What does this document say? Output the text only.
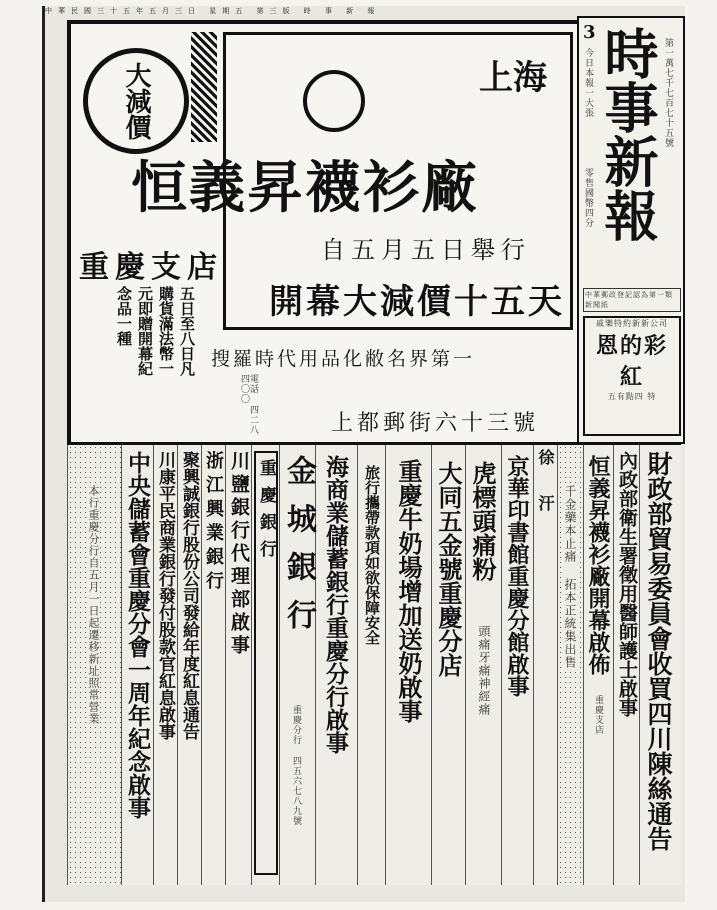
中華民國三十五年五月三日 星期五 第三版 時 事 新 報
大減價	上海
恒義昇襪衫廠
自五月五日舉行
開幕大減價十五天
重慶支店
搜羅時代用品化敝名界第一
五日至八日凡
購貨滿法幣一
元即贈開幕紀
念品一種
電話 四二八四〇〇
上都郵街六十三號
3 時事新報 第一萬七千七百七十五號
今日本報一大張
零售國幣四分
中華郵政登記認為第一類新聞紙
戚樂特約新新公司
恩的彩紅
五有點四 特
財政部貿易委員會收買四川陳絲通告
內政部衛生署徵用醫師護士啟事
恒義昇襪衫廠開幕啟佈
重慶支店
千金藥本止痛 拓本正統集出售
徐
汗
京華印書館重慶分館啟事
虎標頭痛粉
頭痛牙痛神經痛
大同五金號重慶分店
重慶牛奶場增加送奶啟事
旅行攜帶款項如欲保障安全
海商業儲蓄銀行重慶分行啟事
金城銀行
重慶分行 四五六七八九號
重慶銀行
川鹽銀行代理部啟事
浙江興業銀行
聚興誠銀行股份公司發給年度紅息通告
川康平民商業銀行發付股款官紅息啟事
中央儲蓄會重慶分會一周年紀念啟事
本行重慶分行自五月一日起遷移新址照常營業
